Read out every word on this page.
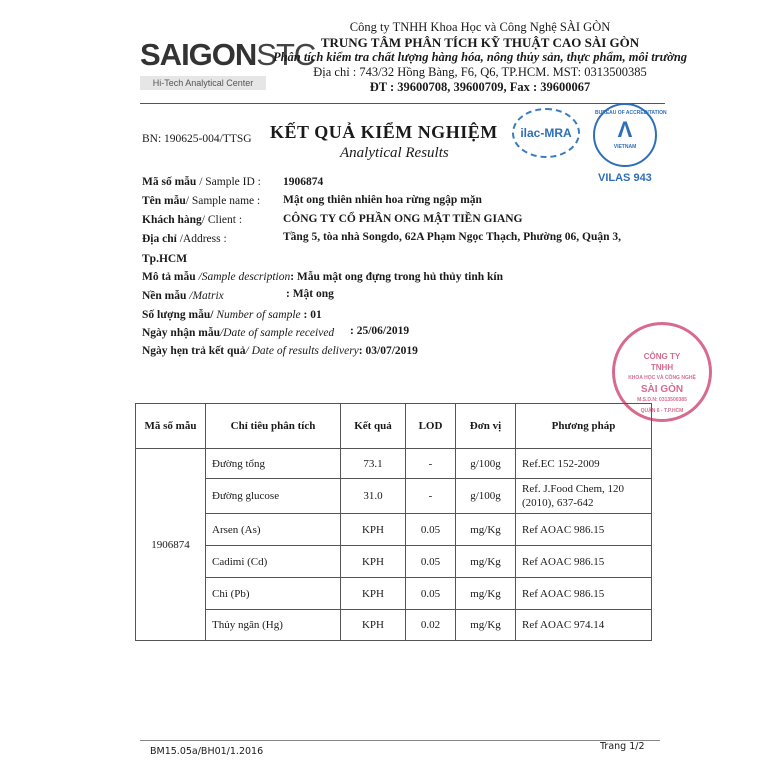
SAIGONSTC
Hi-Tech Analytical Center
Công ty TNHH Khoa Học và Công Nghệ SÀI GÒN
TRUNG TÂM PHÂN TÍCH KỸ THUẬT CAO SÀI GÒN
Phân tích kiểm tra chất lượng hàng hóa, nông thủy sản, thực phẩm, môi trường
Địa chỉ : 743/32 Hồng Bàng, F6, Q6, TP.HCM. MST: 0313500385
ĐT : 39600708, 39600709, Fax : 39600067
BN: 190625-004/TTSG KẾT QUẢ KIỂM NGHIỆM
Analytical Results
ilac-MRA
BUREAU OF ACCREDITATION
Λ
VIETNAM
VILAS 943
Mã số mẫu / Sample ID : 1906874
Tên mẫu/ Sample name : Mật ong thiên nhiên hoa rừng ngập mặn
Khách hàng/ Client :	CÔNG TY CỔ PHẦN ONG MẬT TIỀN GIANG
Địa chỉ /Address :	Tầng 5, tòa nhà Songdo, 62A Phạm Ngọc Thạch, Phường 06, Quận 3,
Tp.HCM
Mô tả mẫu /Sample description: Mẫu mật ong đựng trong hủ thủy tinh kín
Nền mẫu /Matrix	: Mật ong
Số lượng mẫu/ Number of sample : 01
Ngày nhận mẫu/Date of sample received : 25/06/2019
Ngày hẹn trả kết quả/ Date of results delivery: 03/07/2019	CÔNG TY
TNHH
KHOA HỌC VÀ CÔNG NGHỆ
SÀI GÒN
M.S.D.N: 0313500385
QUẬN 6 - T.P.HCM
Mã số mẫu	Chỉ tiêu phân tích	Kết quả	LOD	Đơn vị	Phương pháp
1906874	Đường tổng	73.1	-	g/100g	Ref.EC 152-2009
	Đường glucose	31.0	-	g/100g	Ref. J.Food Chem, 120 (2010), 637-642
	Arsen (As)	KPH	0.05	mg/Kg	Ref AOAC 986.15
	Cadimi (Cd)	KPH	0.05	mg/Kg	Ref AOAC 986.15
	Chì (Pb)	KPH	0.05	mg/Kg	Ref AOAC 986.15
	Thủy ngân (Hg)	KPH	0.02	mg/Kg	Ref AOAC 974.14
BM15.05a/BH01/1.2016	Trang 1/2
